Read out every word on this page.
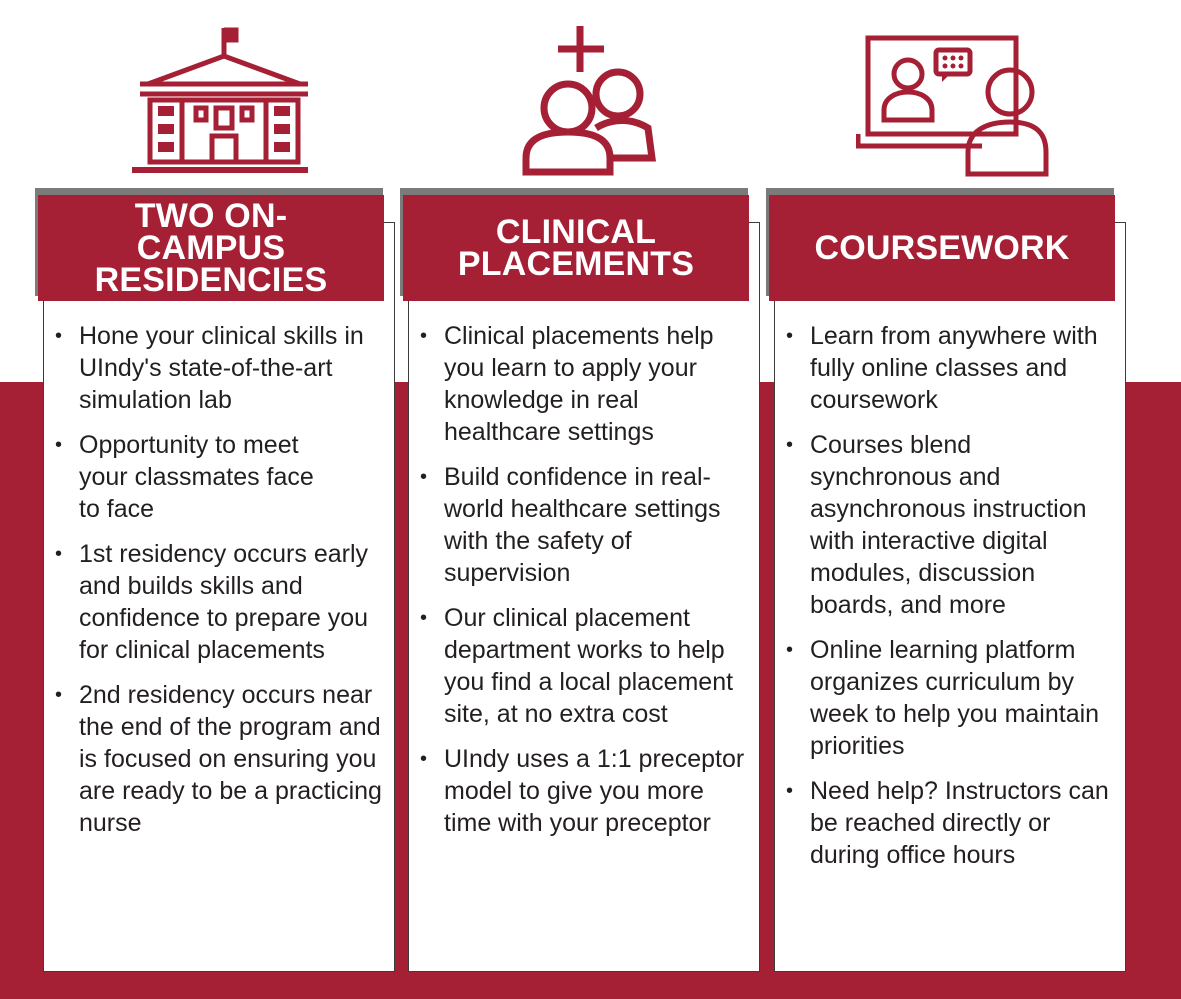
TWO ON-CAMPUS RESIDENCIES
• Hone your clinical skills in UIndy's state-of-the-art simulation lab
• Opportunity to meet your classmates face to face
• 1st residency occurs early and builds skills and confidence to prepare you for clinical placements
• 2nd residency occurs near the end of the program and is focused on ensuring you are ready to be a practicing nurse
CLINICAL PLACEMENTS
• Clinical placements help you learn to apply your knowledge in real healthcare settings
• Build confidence in real-world healthcare settings with the safety of supervision
• Our clinical placement department works to help you find a local placement site, at no extra cost
• UIndy uses a 1:1 preceptor model to give you more time with your preceptor
COURSEWORK
• Learn from anywhere with fully online classes and coursework
• Courses blend synchronous and asynchronous instruction with interactive digital modules, discussion boards, and more
• Online learning platform organizes curriculum by week to help you maintain priorities
• Need help? Instructors can be reached directly or during office hours
